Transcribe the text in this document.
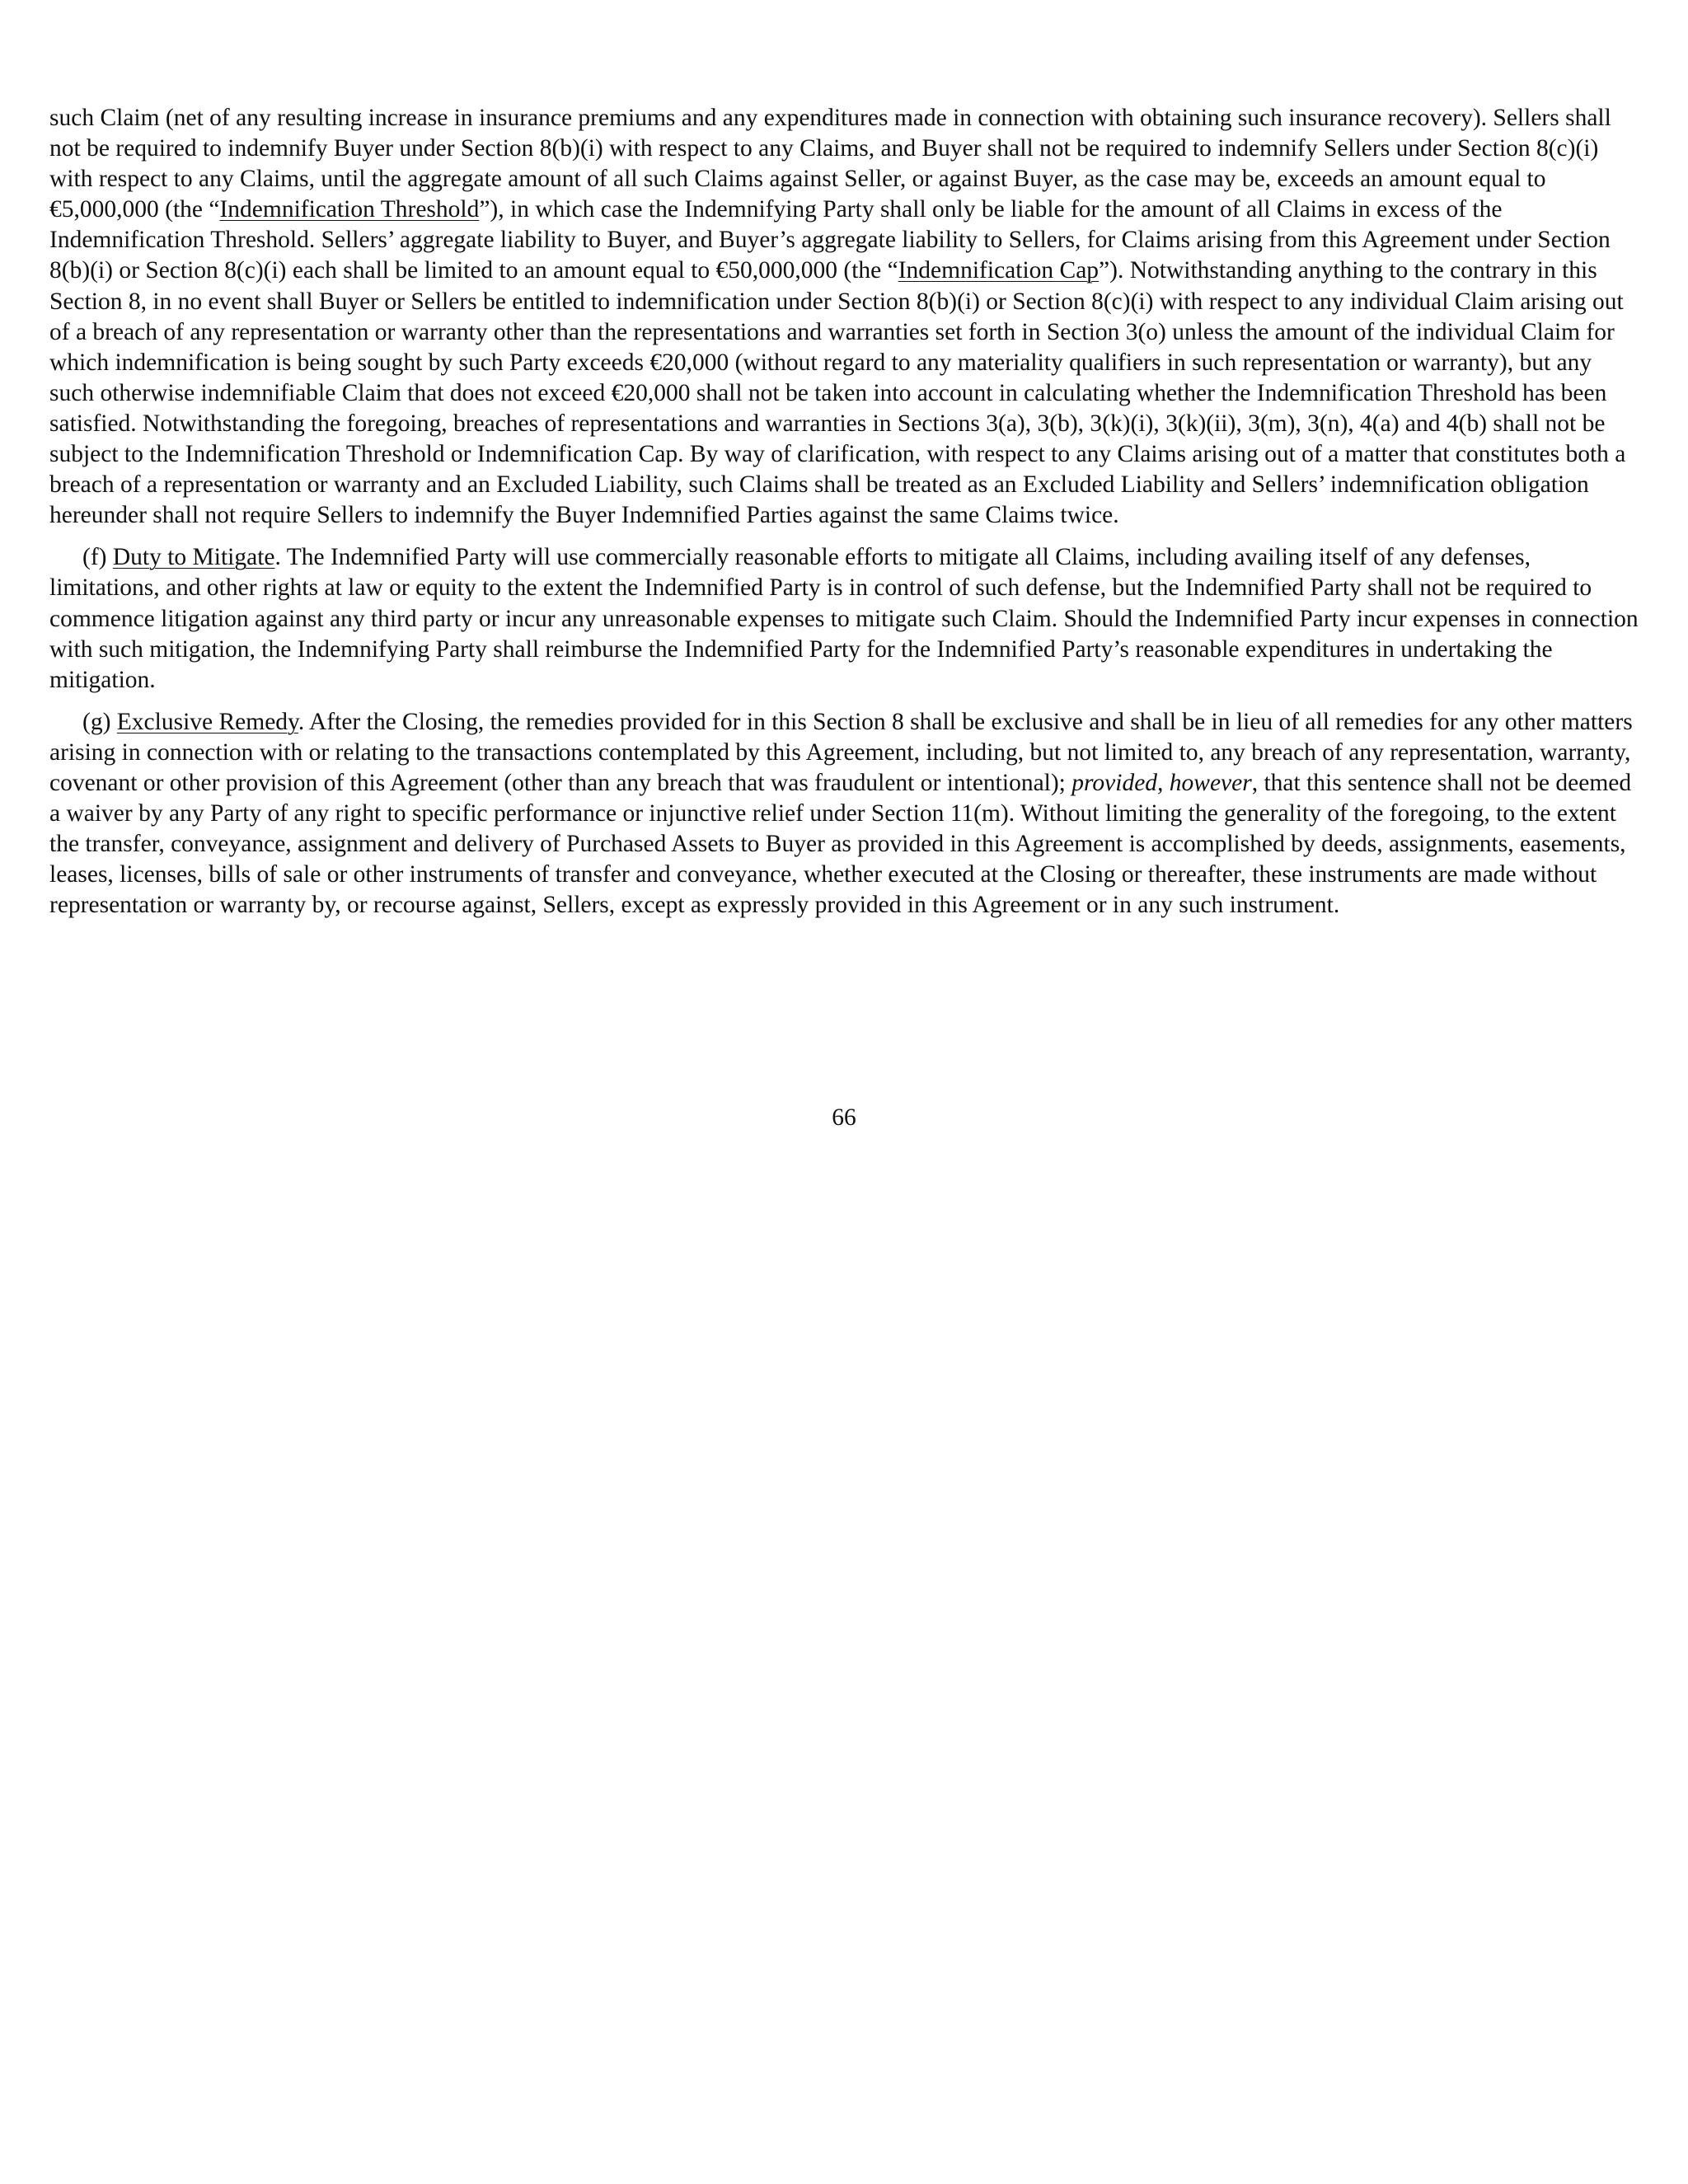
such Claim (net of any resulting increase in insurance premiums and any expenditures made in connection with obtaining such insurance recovery). Sellers shall not be required to indemnify Buyer under Section 8(b)(i) with respect to any Claims, and Buyer shall not be required to indemnify Sellers under Section 8(c)(i) with respect to any Claims, until the aggregate amount of all such Claims against Seller, or against Buyer, as the case may be, exceeds an amount equal to €5,000,000 (the “Indemnification Threshold”), in which case the Indemnifying Party shall only be liable for the amount of all Claims in excess of the Indemnification Threshold. Sellers’ aggregate liability to Buyer, and Buyer’s aggregate liability to Sellers, for Claims arising from this Agreement under Section 8(b)(i) or Section 8(c)(i) each shall be limited to an amount equal to €50,000,000 (the “Indemnification Cap”). Notwithstanding anything to the contrary in this Section 8, in no event shall Buyer or Sellers be entitled to indemnification under Section 8(b)(i) or Section 8(c)(i) with respect to any individual Claim arising out of a breach of any representation or warranty other than the representations and warranties set forth in Section 3(o) unless the amount of the individual Claim for which indemnification is being sought by such Party exceeds €20,000 (without regard to any materiality qualifiers in such representation or warranty), but any such otherwise indemnifiable Claim that does not exceed €20,000 shall not be taken into account in calculating whether the Indemnification Threshold has been satisfied. Notwithstanding the foregoing, breaches of representations and warranties in Sections 3(a), 3(b), 3(k)(i), 3(k)(ii), 3(m), 3(n), 4(a) and 4(b) shall not be subject to the Indemnification Threshold or Indemnification Cap. By way of clarification, with respect to any Claims arising out of a matter that constitutes both a breach of a representation or warranty and an Excluded Liability, such Claims shall be treated as an Excluded Liability and Sellers’ indemnification obligation hereunder shall not require Sellers to indemnify the Buyer Indemnified Parties against the same Claims twice.

(f) Duty to Mitigate. The Indemnified Party will use commercially reasonable efforts to mitigate all Claims, including availing itself of any defenses, limitations, and other rights at law or equity to the extent the Indemnified Party is in control of such defense, but the Indemnified Party shall not be required to commence litigation against any third party or incur any unreasonable expenses to mitigate such Claim. Should the Indemnified Party incur expenses in connection with such mitigation, the Indemnifying Party shall reimburse the Indemnified Party for the Indemnified Party’s reasonable expenditures in undertaking the mitigation.

(g) Exclusive Remedy. After the Closing, the remedies provided for in this Section 8 shall be exclusive and shall be in lieu of all remedies for any other matters arising in connection with or relating to the transactions contemplated by this Agreement, including, but not limited to, any breach of any representation, warranty, covenant or other provision of this Agreement (other than any breach that was fraudulent or intentional); provided, however, that this sentence shall not be deemed a waiver by any Party of any right to specific performance or injunctive relief under Section 11(m). Without limiting the generality of the foregoing, to the extent the transfer, conveyance, assignment and delivery of Purchased Assets to Buyer as provided in this Agreement is accomplished by deeds, assignments, easements, leases, licenses, bills of sale or other instruments of transfer and conveyance, whether executed at the Closing or thereafter, these instruments are made without representation or warranty by, or recourse against, Sellers, except as expressly provided in this Agreement or in any such instrument.

66
